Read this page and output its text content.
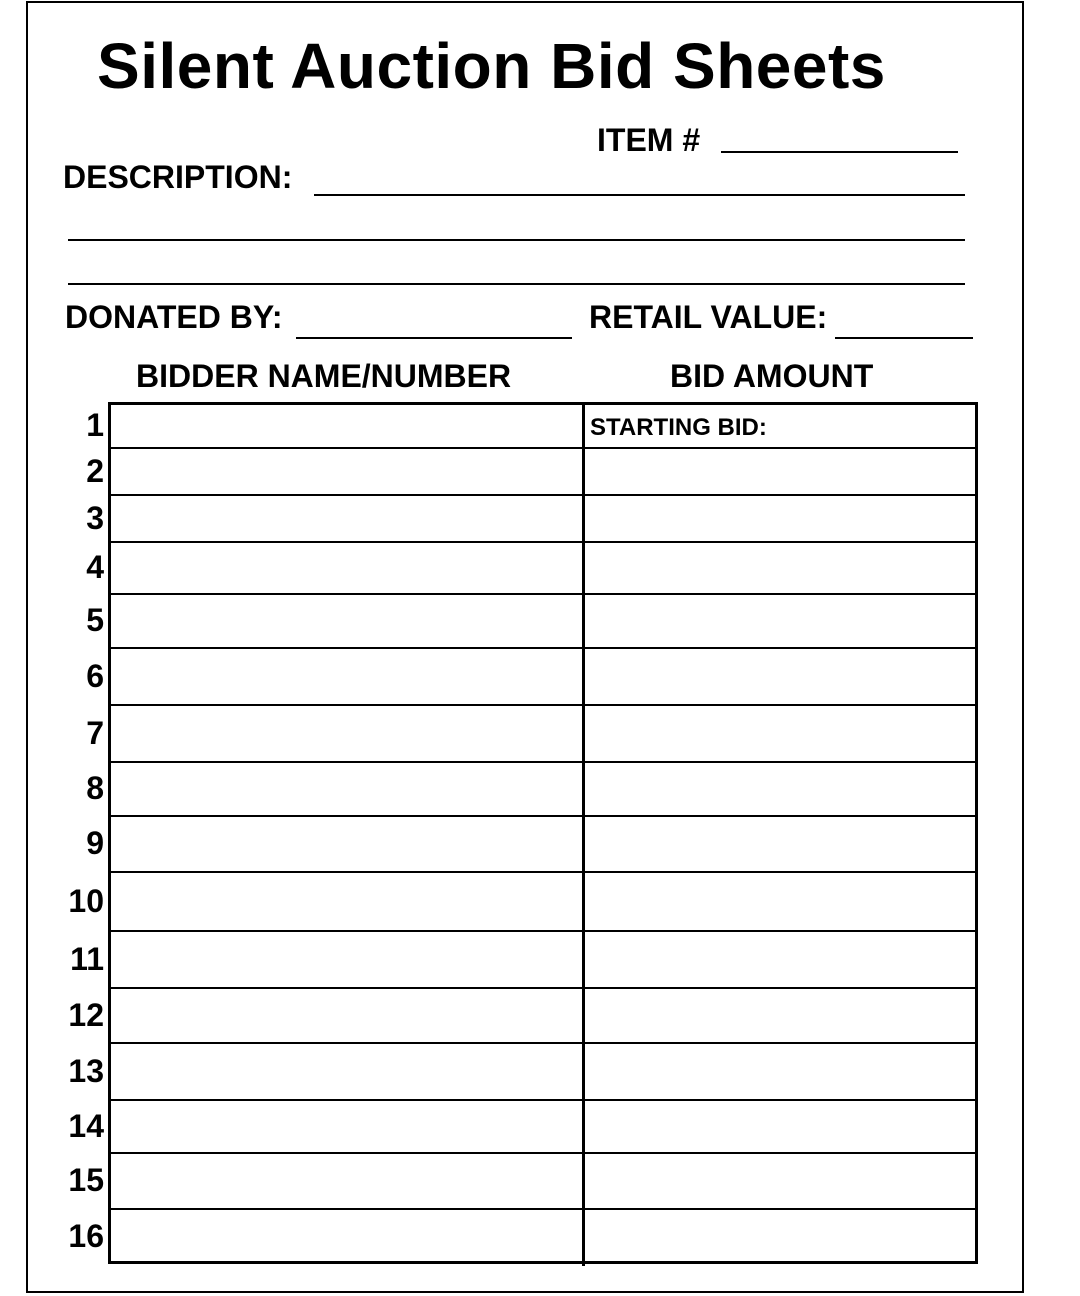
Silent Auction Bid Sheets
ITEM #
DESCRIPTION:
DONATED BY:	RETAIL VALUE:
BIDDER NAME/NUMBER	BID AMOUNT
STARTING BID:
1
2
3
4
5
6
7
8
9
10
11
12
13
14
15
16
